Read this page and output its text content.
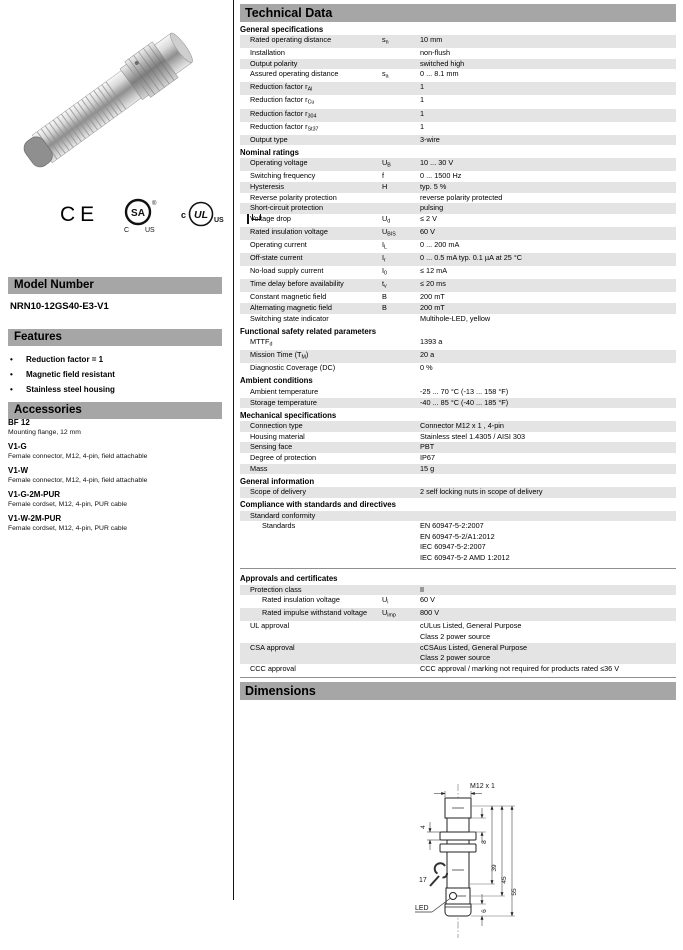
CE	SA
®
C US
c UL US
Model Number
NRN10-12GS40-E3-V1
Features
•	Reduction factor = 1
•	Magnetic field resistant
•	Stainless steel housing
Accessories
BF 12
Mounting flange, 12 mm
V1-G
Female connector, M12, 4-pin, field attachable
V1-W
Female connector, M12, 4-pin, field attachable
V1-G-2M-PUR
Female cordset, M12, 4-pin, PUR cable
V1-W-2M-PUR
Female cordset, M12, 4-pin, PUR cable
Technical Data
General specifications
Rated operating distance	$s_n$	10 mm
Installation	non-flush
Output polarity	switched high
Assured operating distance	$s_a$	0 ... 8.1 mm
Reduction factor $r_{Al}$	1
Reduction factor $r_{Cu}$	1
Reduction factor $r_{304}$	1
Reduction factor $r_{St37}$	1
Output type	3-wire
Nominal ratings
Operating voltage	$U_B$	10 ... 30 V
Switching frequency	f	0 ... 1500 Hz
Hysteresis	H	typ. 5 %
Reverse polarity protection	reverse polarity protected
Short-circuit protection	pulsing
Voltage drop	$U_d$	≤ 2 V
Rated insulation voltage	$U_{BIS}$	60 V
Operating current	$I_L$	0 ... 200 mA
Off-state current	$I_r$	0 ... 0.5 mA typ. 0.1 µA at 25 °C
No-load supply current	$I_0$	≤ 12 mA
Time delay before availability	$t_v$	≤ 20 ms
Constant magnetic field	B	200 mT
Alternating magnetic field	B	200 mT
Switching state indicator	Multihole-LED, yellow
Functional safety related parameters
$MTTF_d$	1393 a
Mission Time $(T_M)$	20 a
Diagnostic Coverage (DC)	0 %
Ambient conditions
Ambient temperature	-25 ... 70 °C (-13 ... 158 °F)
Storage temperature	-40 ... 85 °C (-40 ... 185 °F)
Mechanical specifications
Connection type	Connector M12 x 1 , 4-pin
Housing material	Stainless steel 1.4305 / AISI 303
Sensing face	PBT
Degree of protection	IP67
Mass	15 g
General information
Scope of delivery	2 self locking nuts in scope of delivery
Compliance with standards and directives
Standard conformity
Standards	EN 60947-5-2:2007
EN 60947-5-2/A1:2012
IEC 60947-5-2:2007
IEC 60947-5-2 AMD 1:2012
Approvals and certificates
Protection class	II
Rated insulation voltage	$U_i$	60 V
Rated impulse withstand voltage	$U_{imp}$	800 V
UL approval	cULus Listed, General Purpose
Class 2 power source
CSA approval	cCSAus Listed, General Purpose
Class 2 power source
CCC approval	CCC approval / marking not required for products rated ≤36 V
Dimensions
M12 x 1
4
17
LED
8
39
45
55
6
